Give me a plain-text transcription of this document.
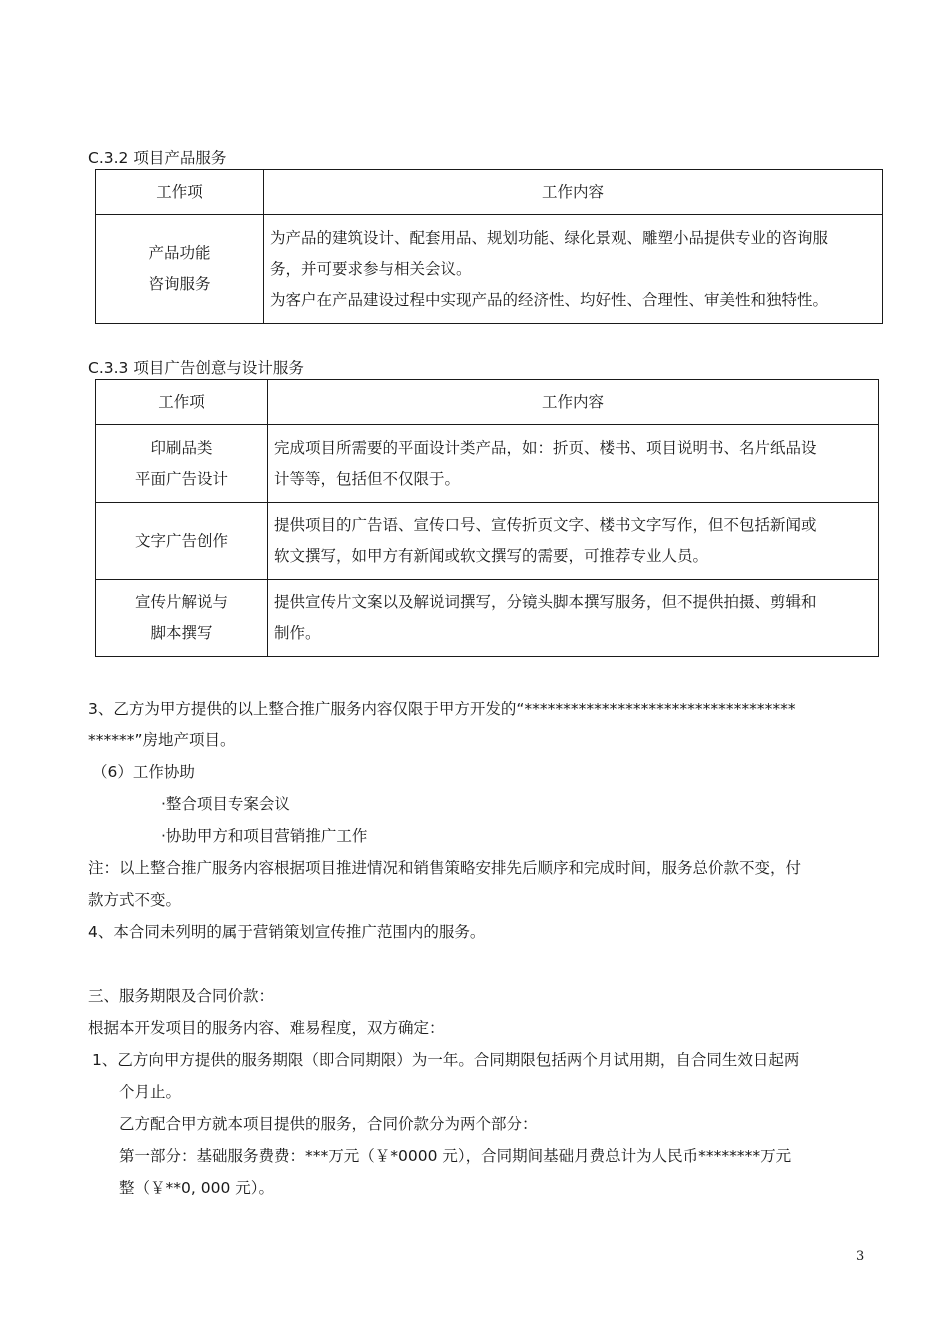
C.3.2 项目产品服务
工作项	工作内容

产品功能
咨询服务	为产品的建筑设计、配套用品、规划功能、绿化景观、雕塑小品提供专业的咨询服
务，并可要求参与相关会议。
为客户在产品建设过程中实现产品的经济性、均好性、合理性、审美性和独特性。
C.3.3 项目广告创意与设计服务
工作项	工作内容

印刷品类
平面广告设计	完成项目所需要的平面设计类产品，如：折页、楼书、项目说明书、名片纸品设
计等等，包括但不仅限于。

文字广告创作	提供项目的广告语、宣传口号、宣传折页文字、楼书文字写作，但不包括新闻或
软文撰写，如甲方有新闻或软文撰写的需要，可推荐专业人员。

宣传片解说与
脚本撰写	提供宣传片文案以及解说词撰写，分镜头脚本撰写服务，但不提供拍摄、剪辑和
制作。
3、乙方为甲方提供的以上整合推广服务内容仅限于甲方开发的“***********************************
******”房地产项目。
（6）工作协助
·整合项目专案会议
·协助甲方和项目营销推广工作
注：以上整合推广服务内容根据项目推进情况和销售策略安排先后顺序和完成时间，服务总价款不变，付
款方式不变。
4、本合同未列明的属于营销策划宣传推广范围内的服务。
三、服务期限及合同价款：
根据本开发项目的服务内容、难易程度，双方确定：
1、乙方向甲方提供的服务期限（即合同期限）为一年。合同期限包括两个月试用期，自合同生效日起两
个月止。
乙方配合甲方就本项目提供的服务，合同价款分为两个部分：
第一部分：基础服务费费：***万元（￥*0000 元），合同期间基础月费总计为人民币********万元
整（￥**0, 000 元）。
3
